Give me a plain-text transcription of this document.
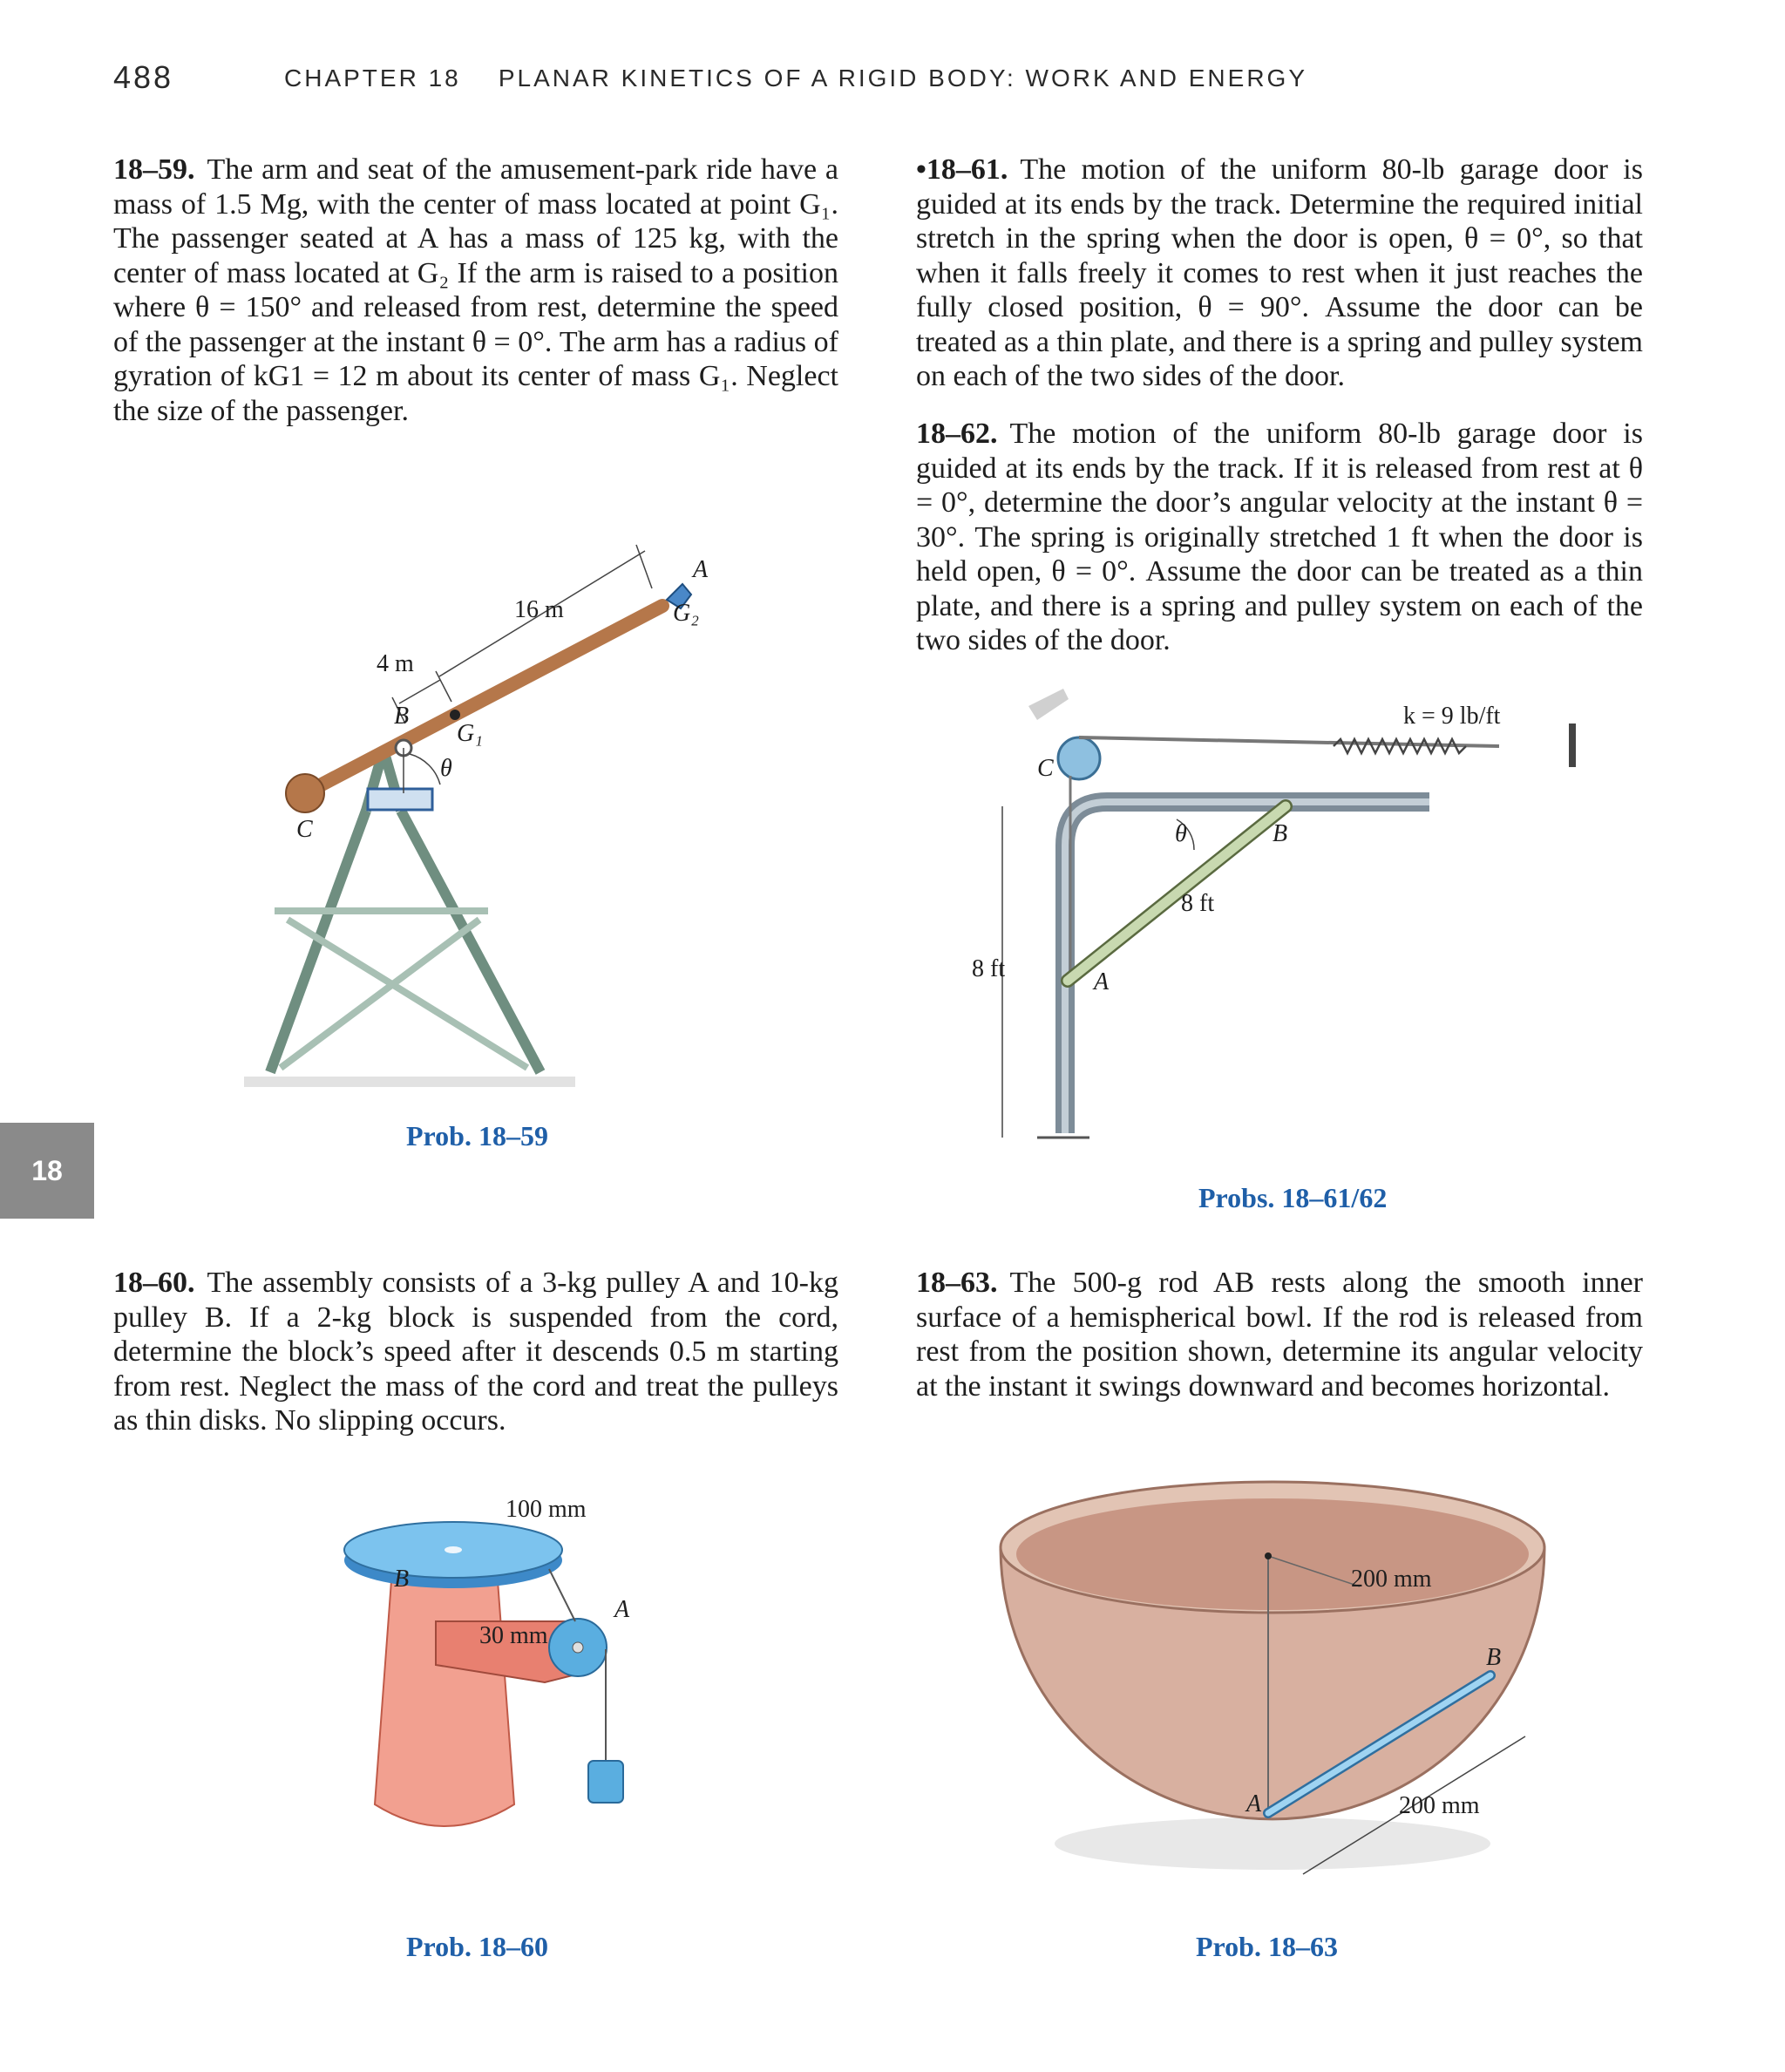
488	CHAPTER 18    PLANAR KINETICS OF A RIGID BODY: WORK AND ENERGY
18–59. The arm and seat of the amusement-park ride have a mass of 1.5 Mg, with the center of mass located at point G₁. The passenger seated at A has a mass of 125 kg, with the center of mass located at G₂ If the arm is raised to a position where θ = 150° and released from rest, determine the speed of the passenger at the instant θ = 0°. The arm has a radius of gyration of kG1 = 12 m about its center of mass G₁. Neglect the size of the passenger.
•18–61. The motion of the uniform 80-lb garage door is guided at its ends by the track. Determine the required initial stretch in the spring when the door is open, θ = 0°, so that when it falls freely it comes to rest when it just reaches the fully closed position, θ = 90°. Assume the door can be treated as a thin plate, and there is a spring and pulley system on each of the two sides of the door.
18–62. The motion of the uniform 80-lb garage door is guided at its ends by the track. If it is released from rest at θ = 0°, determine the door’s angular velocity at the instant θ = 30°. The spring is originally stretched 1 ft when the door is held open, θ = 0°. Assume the door can be treated as a thin plate, and there is a spring and pulley system on each of the two sides of the door.
18–60. The assembly consists of a 3-kg pulley A and 10-kg pulley B. If a 2-kg block is suspended from the cord, determine the block’s speed after it descends 0.5 m starting from rest. Neglect the mass of the cord and treat the pulleys as thin disks. No slipping occurs.
18–63. The 500-g rod AB rests along the smooth inner surface of a hemispherical bowl. If the rod is released from rest from the position shown, determine its angular velocity at the instant it swings downward and becomes horizontal.
18
16 m
4 m
A
G₂
B
G₁
θ
C
Prob. 18–59
k = 9 lb/ft
C
B
θ
8 ft
8 ft	A
Probs. 18–61/62
100 mm
B
30 mm
A
Prob. 18–60
200 mm
B
A	200 mm
Prob. 18–63
